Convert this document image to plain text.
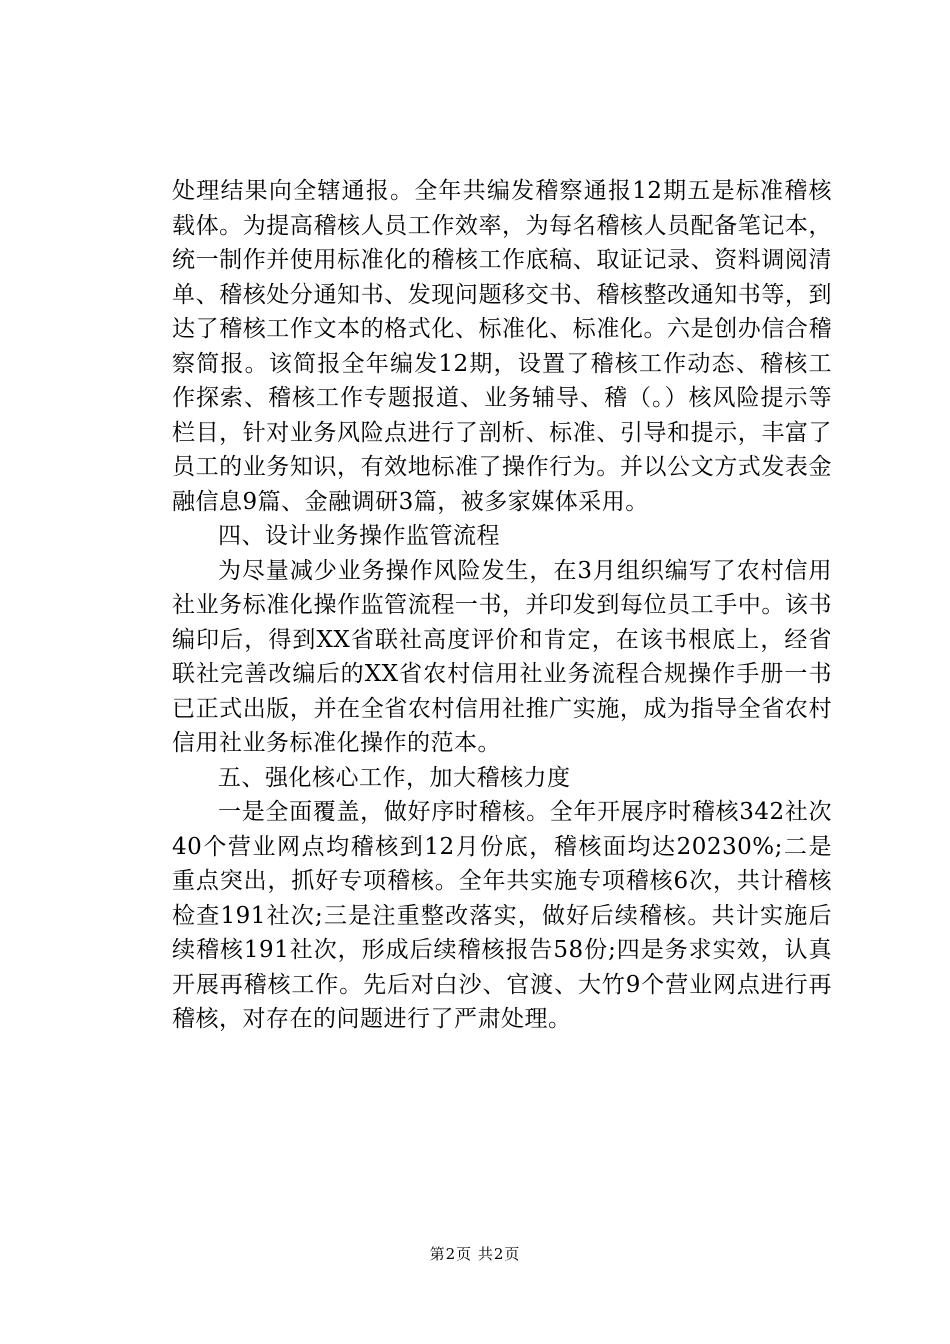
处理结果向全辖通报。全年共编发稽察通报12期五是标准稽核载体。为提高稽核人员工作效率，为每名稽核人员配备笔记本，统一制作并使用标准化的稽核工作底稿、取证记录、资料调阅清单、稽核处分通知书、发现问题移交书、稽核整改通知书等，到达了稽核工作文本的格式化、标准化、标准化。六是创办信合稽察简报。该简报全年编发12期，设置了稽核工作动态、稽核工作探索、稽核工作专题报道、业务辅导、稽（。）核风险提示等栏目，针对业务风险点进行了剖析、标准、引导和提示，丰富了员工的业务知识，有效地标准了操作行为。并以公文方式发表金融信息9篇、金融调研3篇，被多家媒体采用。

四、设计业务操作监管流程

为尽量减少业务操作风险发生，在3月组织编写了农村信用社业务标准化操作监管流程一书，并印发到每位员工手中。该书编印后，得到XX省联社高度评价和肯定，在该书根底上，经省联社完善改编后的XX省农村信用社业务流程合规操作手册一书已正式出版，并在全省农村信用社推广实施，成为指导全省农村信用社业务标准化操作的范本。

五、强化核心工作，加大稽核力度

一是全面覆盖，做好序时稽核。全年开展序时稽核342社次40个营业网点均稽核到12月份底，稽核面均达20230%;二是重点突出，抓好专项稽核。全年共实施专项稽核6次，共计稽核检查191社次;三是注重整改落实，做好后续稽核。共计实施后续稽核191社次，形成后续稽核报告58份;四是务求实效，认真开展再稽核工作。先后对白沙、官渡、大竹9个营业网点进行再稽核，对存在的问题进行了严肃处理。

第2页 共2页
